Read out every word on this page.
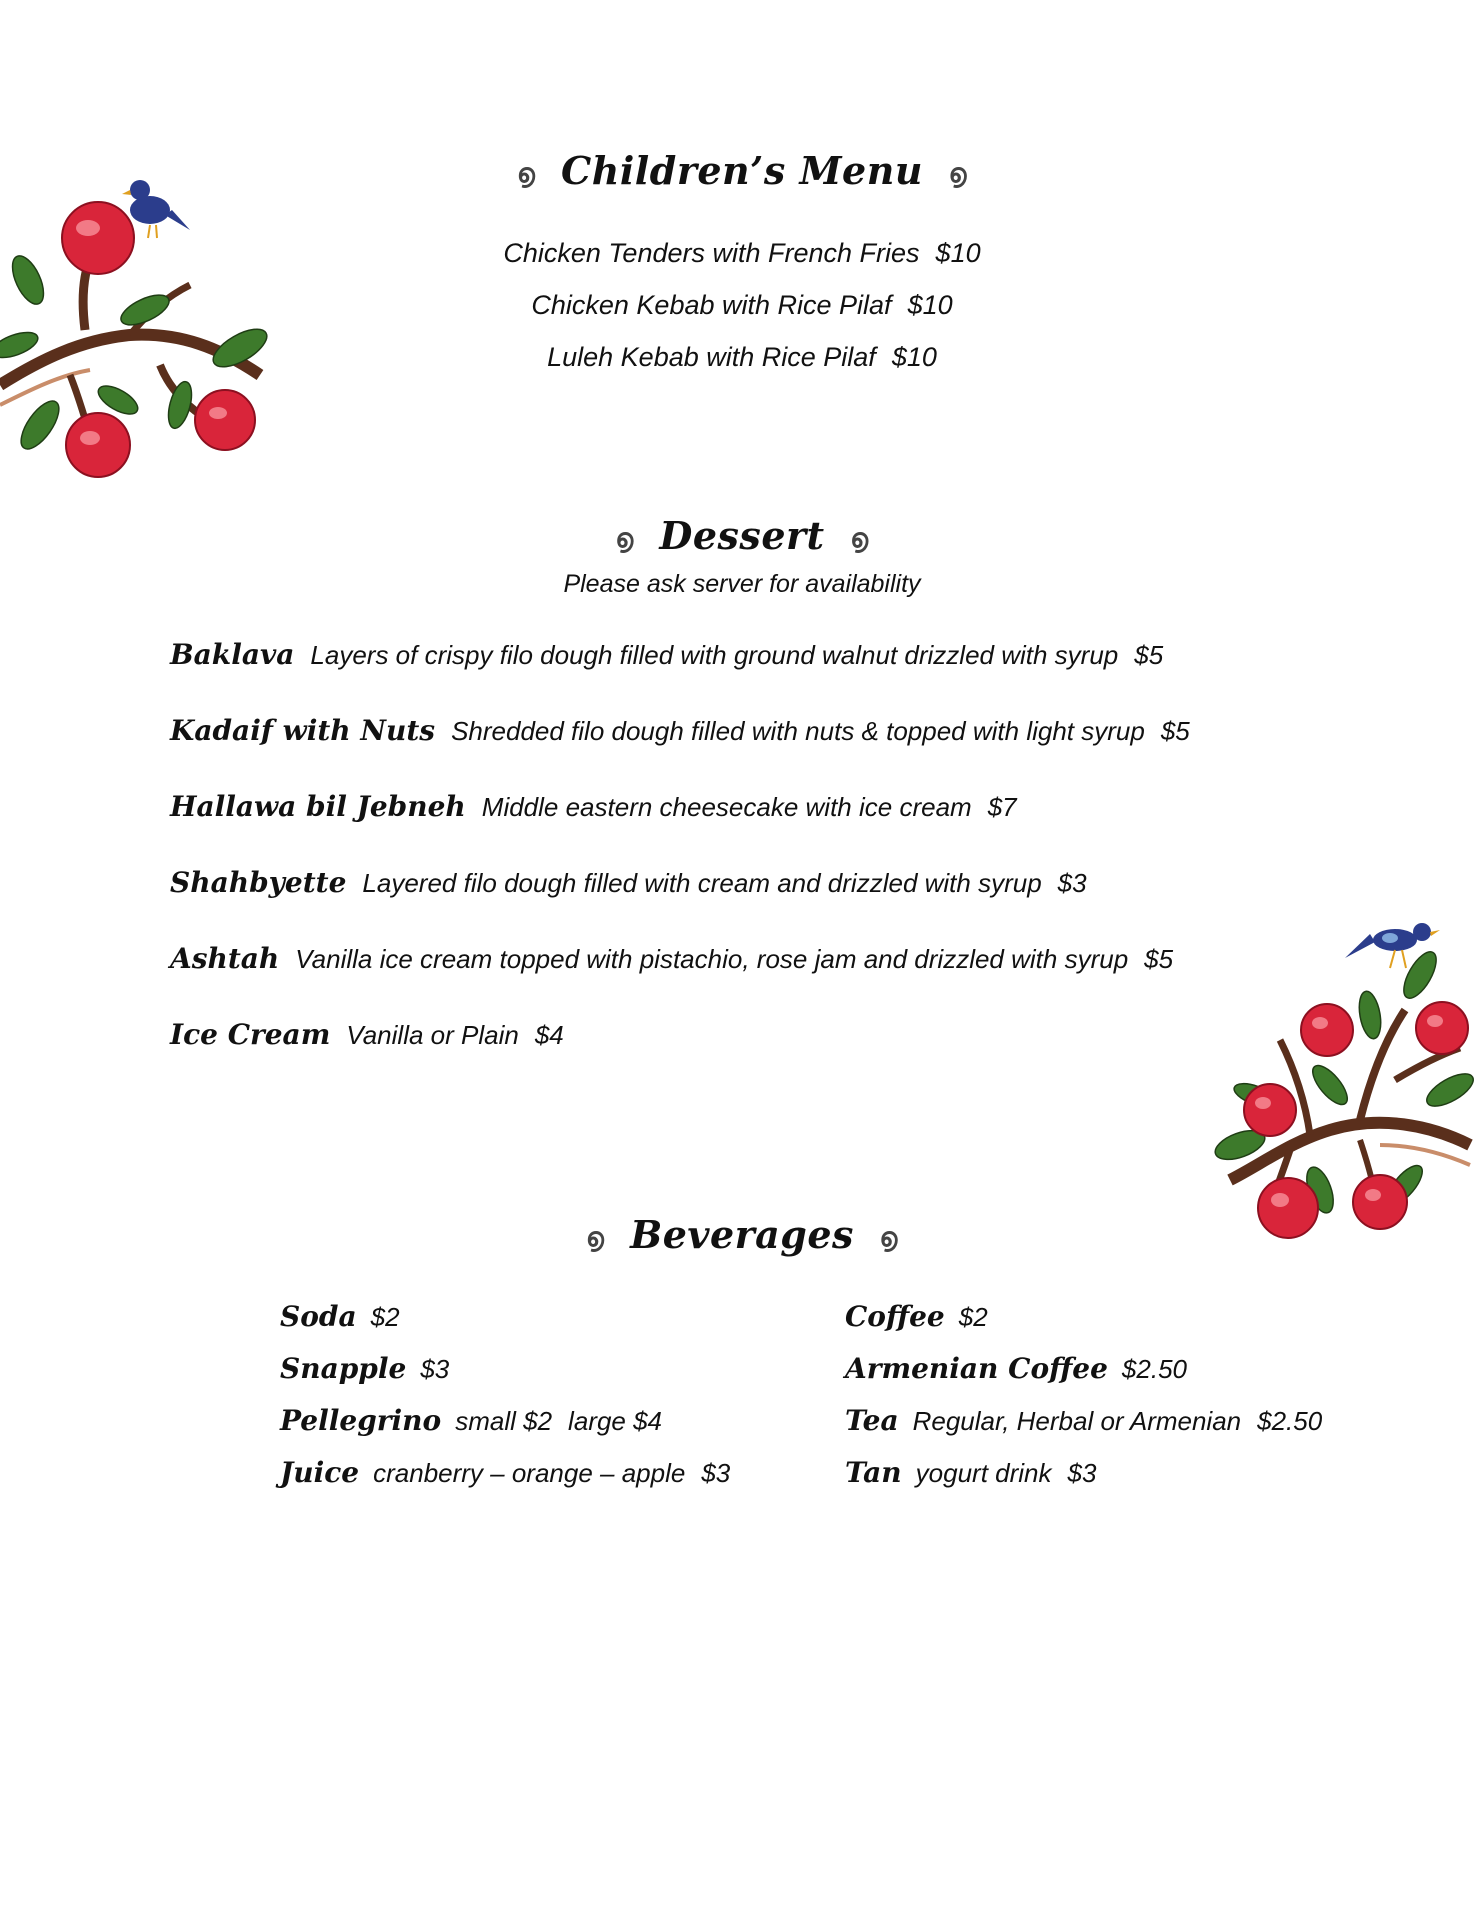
൭ Children’s Menu ൭
Chicken Tenders with French Fries $10
Chicken Kebab with Rice Pilaf $10
Luleh Kebab with Rice Pilaf $10
൭ Dessert ൭
Please ask server for availability
Baklava Layers of crispy filo dough filled with ground walnut drizzled with syrup $5
Kadaif with Nuts Shredded filo dough filled with nuts & topped with light syrup $5
Hallawa bil Jebneh Middle eastern cheesecake with ice cream $7
Shahbyette Layered filo dough filled with cream and drizzled with syrup $3
Ashtah Vanilla ice cream topped with pistachio, rose jam and drizzled with syrup $5
Ice Cream Vanilla or Plain $4
൭ Beverages ൭
Soda $2
Snapple $3
Pellegrino small $2 large $4
Juice cranberry – orange – apple $3
Coffee $2
Armenian Coffee $2.50
Tea Regular, Herbal or Armenian $2.50
Tan yogurt drink $3
